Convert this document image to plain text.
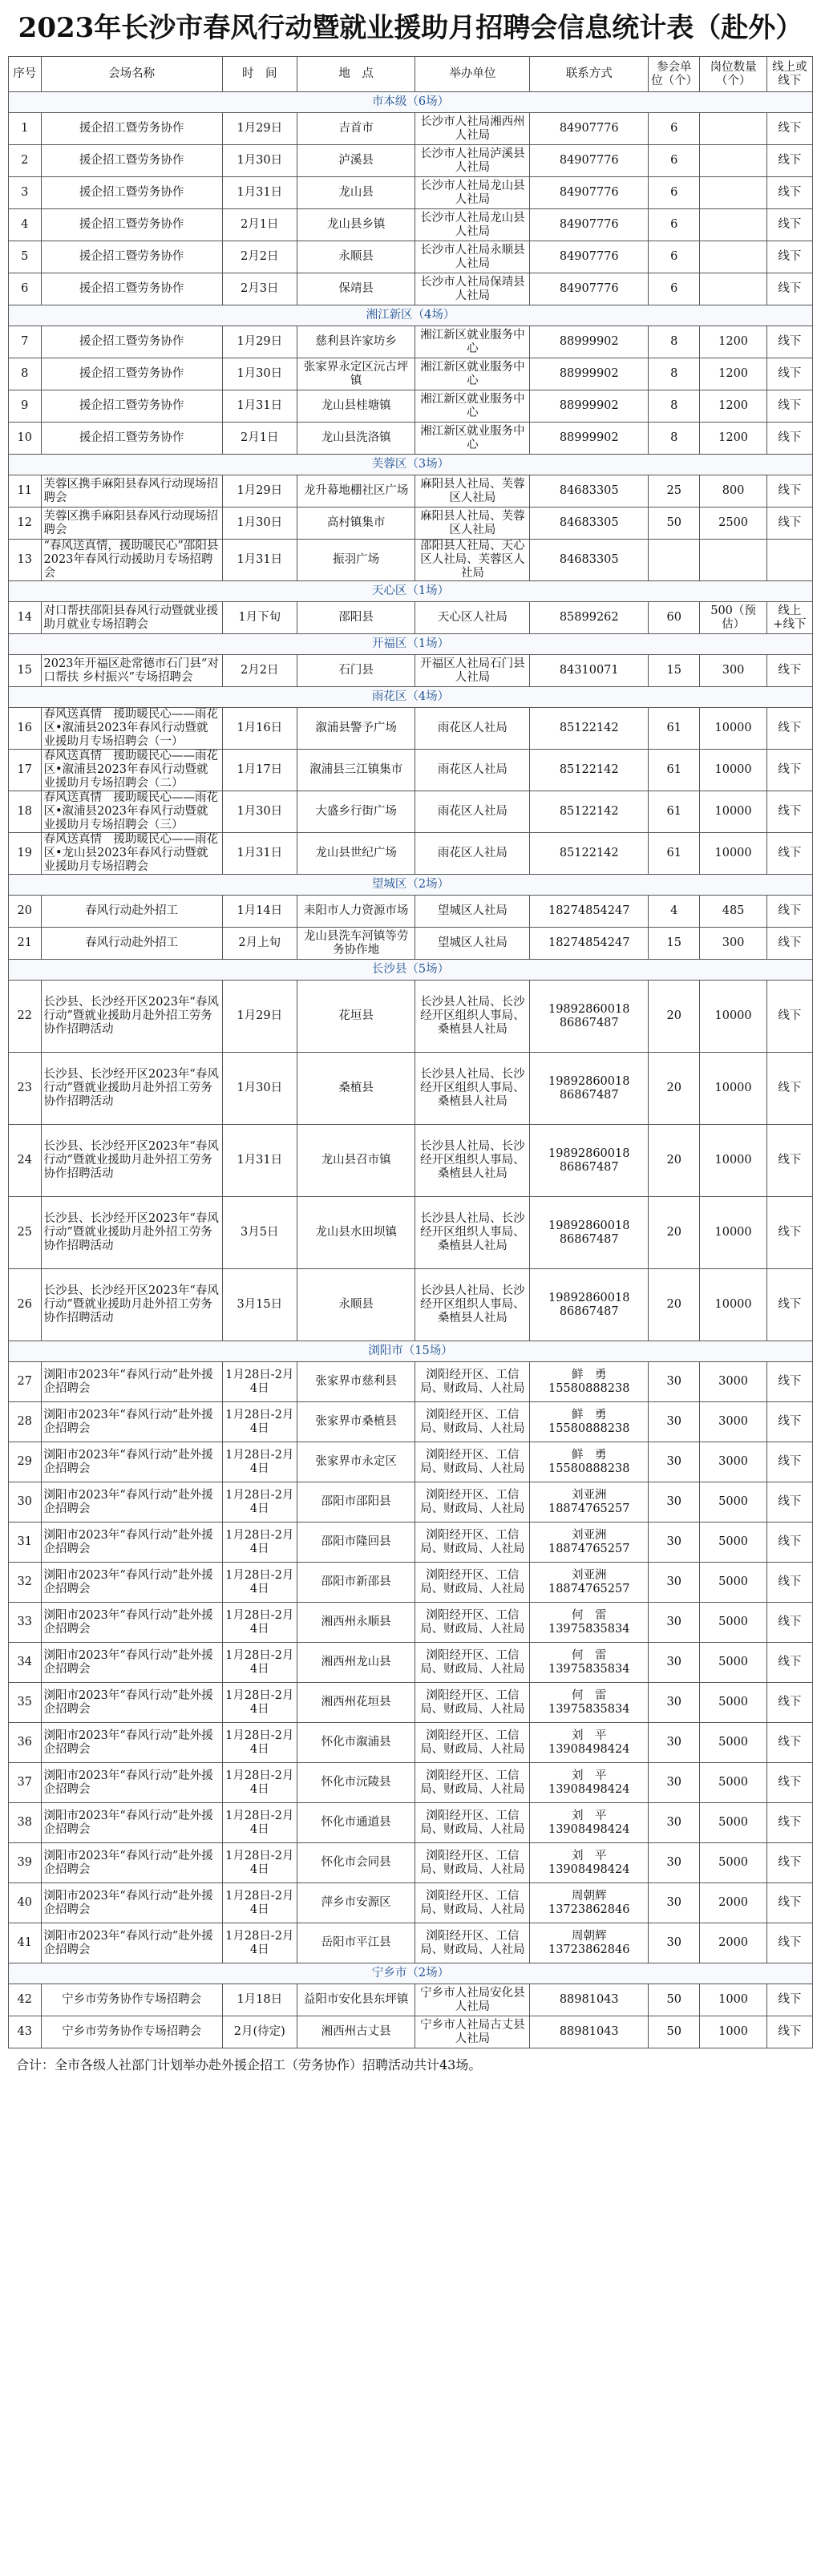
2023年长沙市春风行动暨就业援助月招聘会信息统计表（赴外）
序号	会场名称	时　间	地　点	举办单位	联系方式	参会单位（个）	岗位数量（个）	线上或线下
市本级（6场）								
1	援企招工暨劳务协作	1月29日	吉首市	长沙市人社局湘西州人社局	84907776	6		线下
2	援企招工暨劳务协作	1月30日	泸溪县	长沙市人社局泸溪县人社局	84907776	6		线下
3	援企招工暨劳务协作	1月31日	龙山县	长沙市人社局龙山县人社局	84907776	6		线下
4	援企招工暨劳务协作	2月1日	龙山县乡镇	长沙市人社局龙山县人社局	84907776	6		线下
5	援企招工暨劳务协作	2月2日	永顺县	长沙市人社局永顺县人社局	84907776	6		线下
6	援企招工暨劳务协作	2月3日	保靖县	长沙市人社局保靖县人社局	84907776	6		线下
湘江新区（4场）								
7	援企招工暨劳务协作	1月29日	慈利县许家坊乡	湘江新区就业服务中心	88999902	8	1200	线下
8	援企招工暨劳务协作	1月30日	张家界永定区沅古坪镇	湘江新区就业服务中心	88999902	8	1200	线下
9	援企招工暨劳务协作	1月31日	龙山县桂塘镇	湘江新区就业服务中心	88999902	8	1200	线下
10	援企招工暨劳务协作	2月1日	龙山县洗洛镇	湘江新区就业服务中心	88999902	8	1200	线下
芙蓉区（3场）								
11	芙蓉区携手麻阳县春风行动现场招聘会	1月29日	龙升幕地棚社区广场	麻阳县人社局、芙蓉区人社局	84683305	25	800	线下
12	芙蓉区携手麻阳县春风行动现场招聘会	1月30日	高村镇集市	麻阳县人社局、芙蓉区人社局	84683305	50	2500	线下
13	“春风送真情，援助暖民心”邵阳县2023年春风行动援助月专场招聘会	1月31日	振羽广场	邵阳县人社局、天心区人社局、芙蓉区人社局	84683305			
天心区（1场）								
14	对口帮扶邵阳县春风行动暨就业援助月就业专场招聘会	1月下旬	邵阳县	天心区人社局	85899262	60	500（预估）	线上+线下
开福区（1场）								
15	2023年开福区赴常德市石门县“对口帮扶 乡村振兴”专场招聘会	2月2日	石门县	开福区人社局石门县人社局	84310071	15	300	线下
雨花区（4场）								
16	春风送真情　援助暖民心——雨花区•溆浦县2023年春风行动暨就业援助月专场招聘会（一）	1月16日	溆浦县警予广场	雨花区人社局	85122142	61	10000	线下
17	春风送真情　援助暖民心——雨花区•溆浦县2023年春风行动暨就业援助月专场招聘会（二）	1月17日	溆浦县三江镇集市	雨花区人社局	85122142	61	10000	线下
18	春风送真情　援助暖民心——雨花区•溆浦县2023年春风行动暨就业援助月专场招聘会（三）	1月30日	大盛乡行街广场	雨花区人社局	85122142	61	10000	线下
19	春风送真情　援助暖民心——雨花区•龙山县2023年春风行动暨就业援助月专场招聘会	1月31日	龙山县世纪广场	雨花区人社局	85122142	61	10000	线下
望城区（2场）								
20	春风行动赴外招工	1月14日	耒阳市人力资源市场	望城区人社局	18274854247	4	485	线下
21	春风行动赴外招工	2月上旬	龙山县洗车河镇等劳务协作地	望城区人社局	18274854247	15	300	线下
长沙县（5场）								
22	长沙县、长沙经开区2023年“春风行动”暨就业援助月赴外招工劳务协作招聘活动	1月29日	花垣县	长沙县人社局、长沙经开区组织人事局、桑植县人社局	19892860018 86867487	20	10000	线下
23	长沙县、长沙经开区2023年“春风行动”暨就业援助月赴外招工劳务协作招聘活动	1月30日	桑植县	长沙县人社局、长沙经开区组织人事局、桑植县人社局	19892860018 86867487	20	10000	线下
24	长沙县、长沙经开区2023年“春风行动”暨就业援助月赴外招工劳务协作招聘活动	1月31日	龙山县召市镇	长沙县人社局、长沙经开区组织人事局、桑植县人社局	19892860018 86867487	20	10000	线下
25	长沙县、长沙经开区2023年“春风行动”暨就业援助月赴外招工劳务协作招聘活动	3月5日	龙山县水田坝镇	长沙县人社局、长沙经开区组织人事局、桑植县人社局	19892860018 86867487	20	10000	线下
26	长沙县、长沙经开区2023年“春风行动”暨就业援助月赴外招工劳务协作招聘活动	3月15日	永顺县	长沙县人社局、长沙经开区组织人事局、桑植县人社局	19892860018 86867487	20	10000	线下
浏阳市（15场）								
27	浏阳市2023年“春风行动”赴外援企招聘会	1月28日-2月4日	张家界市慈利县	浏阳经开区、工信局、财政局、人社局	鲜　勇 15580888238	30	3000	线下
28	浏阳市2023年“春风行动”赴外援企招聘会	1月28日-2月4日	张家界市桑植县	浏阳经开区、工信局、财政局、人社局	鲜　勇 15580888238	30	3000	线下
29	浏阳市2023年“春风行动”赴外援企招聘会	1月28日-2月4日	张家界市永定区	浏阳经开区、工信局、财政局、人社局	鲜　勇 15580888238	30	3000	线下
30	浏阳市2023年“春风行动”赴外援企招聘会	1月28日-2月4日	邵阳市邵阳县	浏阳经开区、工信局、财政局、人社局	刘亚洲 18874765257	30	5000	线下
31	浏阳市2023年“春风行动”赴外援企招聘会	1月28日-2月4日	邵阳市隆回县	浏阳经开区、工信局、财政局、人社局	刘亚洲 18874765257	30	5000	线下
32	浏阳市2023年“春风行动”赴外援企招聘会	1月28日-2月4日	邵阳市新邵县	浏阳经开区、工信局、财政局、人社局	刘亚洲 18874765257	30	5000	线下
33	浏阳市2023年“春风行动”赴外援企招聘会	1月28日-2月4日	湘西州永顺县	浏阳经开区、工信局、财政局、人社局	何　雷 13975835834	30	5000	线下
34	浏阳市2023年“春风行动”赴外援企招聘会	1月28日-2月4日	湘西州龙山县	浏阳经开区、工信局、财政局、人社局	何　雷 13975835834	30	5000	线下
35	浏阳市2023年“春风行动”赴外援企招聘会	1月28日-2月4日	湘西州花垣县	浏阳经开区、工信局、财政局、人社局	何　雷 13975835834	30	5000	线下
36	浏阳市2023年“春风行动”赴外援企招聘会	1月28日-2月4日	怀化市溆浦县	浏阳经开区、工信局、财政局、人社局	刘　平 13908498424	30	5000	线下
37	浏阳市2023年“春风行动”赴外援企招聘会	1月28日-2月4日	怀化市沅陵县	浏阳经开区、工信局、财政局、人社局	刘　平 13908498424	30	5000	线下
38	浏阳市2023年“春风行动”赴外援企招聘会	1月28日-2月4日	怀化市通道县	浏阳经开区、工信局、财政局、人社局	刘　平 13908498424	30	5000	线下
39	浏阳市2023年“春风行动”赴外援企招聘会	1月28日-2月4日	怀化市会同县	浏阳经开区、工信局、财政局、人社局	刘　平 13908498424	30	5000	线下
40	浏阳市2023年“春风行动”赴外援企招聘会	1月28日-2月4日	萍乡市安源区	浏阳经开区、工信局、财政局、人社局	周朝辉 13723862846	30	2000	线下
41	浏阳市2023年“春风行动”赴外援企招聘会	1月28日-2月4日	岳阳市平江县	浏阳经开区、工信局、财政局、人社局	周朝辉 13723862846	30	2000	线下
宁乡市（2场）								
42	宁乡市劳务协作专场招聘会	1月18日	益阳市安化县东坪镇	宁乡市人社局安化县人社局	88981043	50	1000	线下
43	宁乡市劳务协作专场招聘会	2月(待定)	湘西州古丈县	宁乡市人社局古丈县人社局	88981043	50	1000	线下
合计：全市各级人社部门计划举办赴外援企招工（劳务协作）招聘活动共计43场。
